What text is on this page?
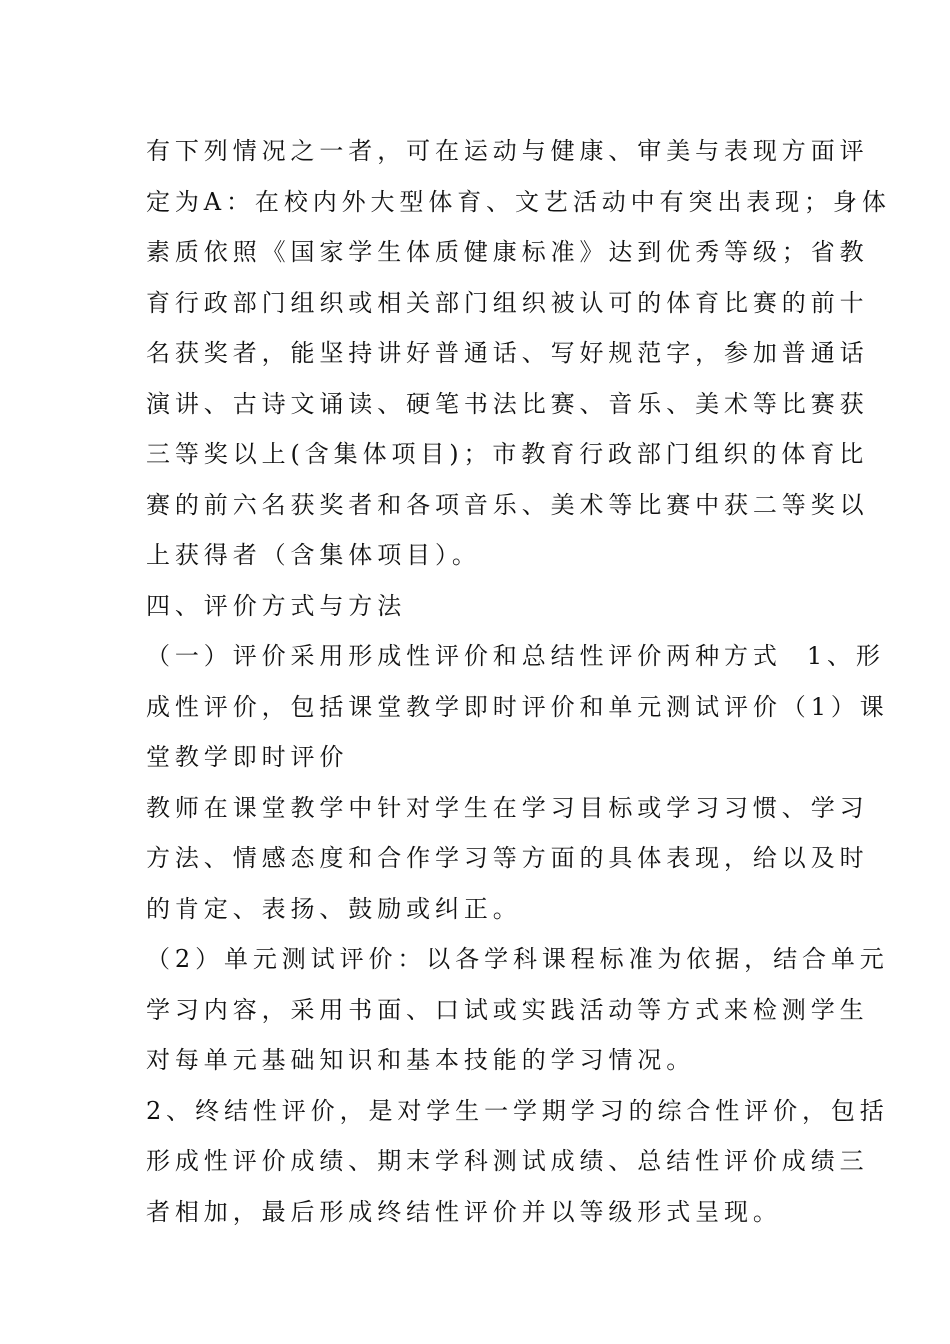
有下列情况之一者，可在运动与健康、审美与表现方面评
定为A：在校内外大型体育、文艺活动中有突出表现；身体
素质依照《国家学生体质健康标准》达到优秀等级；省教
育行政部门组织或相关部门组织被认可的体育比赛的前十
名获奖者，能坚持讲好普通话、写好规范字，参加普通话
演讲、古诗文诵读、硬笔书法比赛、音乐、美术等比赛获
三等奖以上(含集体项目)；市教育行政部门组织的体育比
赛的前六名获奖者和各项音乐、美术等比赛中获二等奖以
上获得者（含集体项目）。
四、评价方式与方法
（一）评价采用形成性评价和总结性评价两种方式  1、形
成性评价，包括课堂教学即时评价和单元测试评价（1）课
堂教学即时评价
教师在课堂教学中针对学生在学习目标或学习习惯、学习
方法、情感态度和合作学习等方面的具体表现，给以及时
的肯定、表扬、鼓励或纠正。
（2）单元测试评价：以各学科课程标准为依据，结合单元
学习内容，采用书面、口试或实践活动等方式来检测学生
对每单元基础知识和基本技能的学习情况。
2、终结性评价，是对学生一学期学习的综合性评价，包括
形成性评价成绩、期末学科测试成绩、总结性评价成绩三
者相加，最后形成终结性评价并以等级形式呈现。
